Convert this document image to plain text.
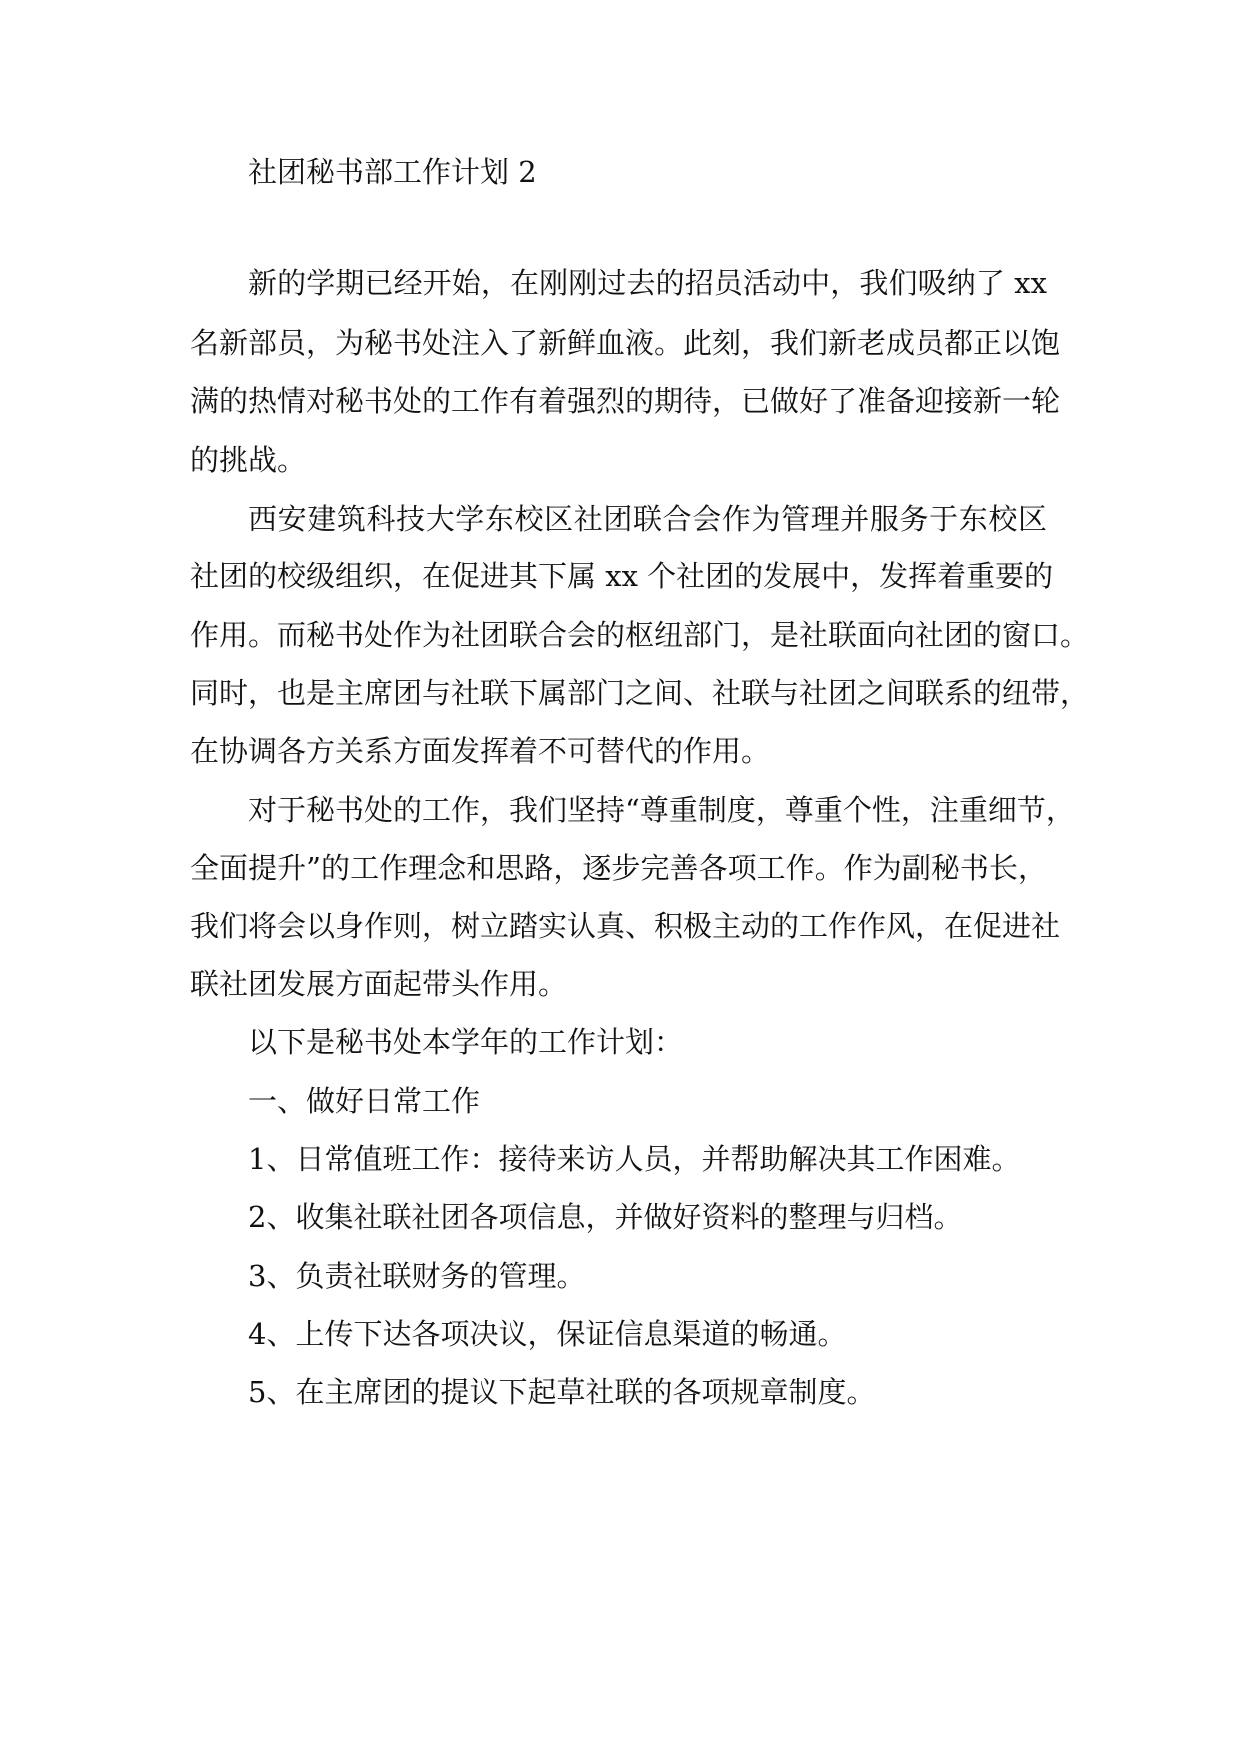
社团秘书部工作计划 2
新的学期已经开始，在刚刚过去的招员活动中，我们吸纳了 xx
名新部员，为秘书处注入了新鲜血液。此刻，我们新老成员都正以饱
满的热情对秘书处的工作有着强烈的期待，已做好了准备迎接新一轮
的挑战。
西安建筑科技大学东校区社团联合会作为管理并服务于东校区
社团的校级组织，在促进其下属 xx 个社团的发展中，发挥着重要的
作用。而秘书处作为社团联合会的枢纽部门，是社联面向社团的窗口。
同时，也是主席团与社联下属部门之间、社联与社团之间联系的纽带，
在协调各方关系方面发挥着不可替代的作用。
对于秘书处的工作，我们坚持“尊重制度，尊重个性，注重细节，
全面提升”的工作理念和思路，逐步完善各项工作。作为副秘书长，
我们将会以身作则，树立踏实认真、积极主动的工作作风，在促进社
联社团发展方面起带头作用。
以下是秘书处本学年的工作计划：
一、做好日常工作
1、日常值班工作：接待来访人员，并帮助解决其工作困难。
2、收集社联社团各项信息，并做好资料的整理与归档。
3、负责社联财务的管理。
4、上传下达各项决议，保证信息渠道的畅通。
5、在主席团的提议下起草社联的各项规章制度。
